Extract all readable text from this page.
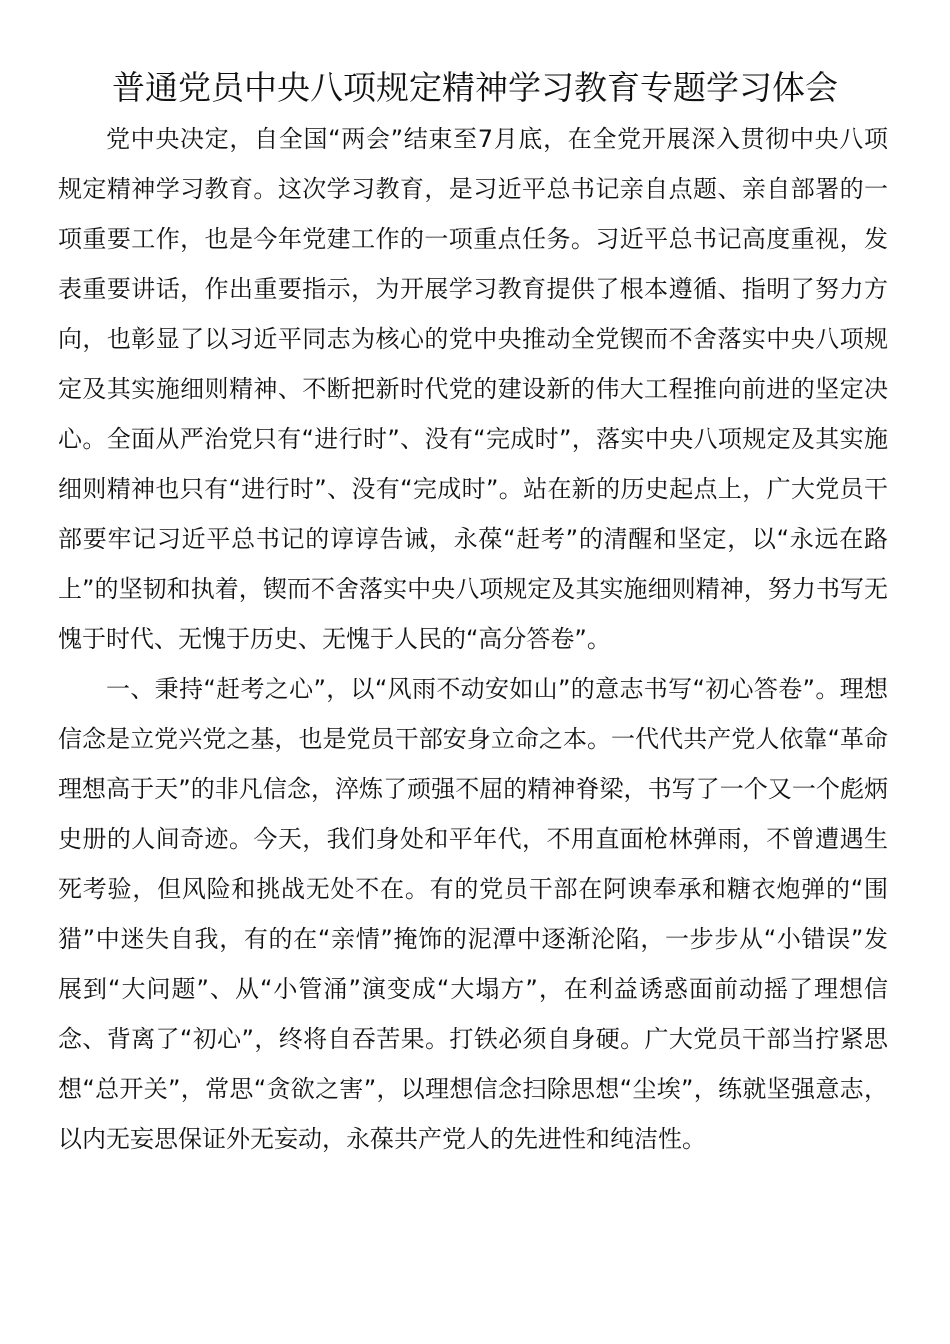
普通党员中央八项规定精神学习教育专题学习体会

党中央决定，自全国“两会”结束至7月底，在全党开展深入贯彻中央八项规定精神学习教育。这次学习教育，是习近平总书记亲自点题、亲自部署的一项重要工作，也是今年党建工作的一项重点任务。习近平总书记高度重视，发表重要讲话，作出重要指示，为开展学习教育提供了根本遵循、指明了努力方向，也彰显了以习近平同志为核心的党中央推动全党锲而不舍落实中央八项规定及其实施细则精神、不断把新时代党的建设新的伟大工程推向前进的坚定决心。全面从严治党只有“进行时”、没有“完成时”，落实中央八项规定及其实施细则精神也只有“进行时”、没有“完成时”。站在新的历史起点上，广大党员干部要牢记习近平总书记的谆谆告诫，永葆“赶考”的清醒和坚定，以“永远在路上”的坚韧和执着，锲而不舍落实中央八项规定及其实施细则精神，努力书写无愧于时代、无愧于历史、无愧于人民的“高分答卷”。

一、秉持“赶考之心”，以“风雨不动安如山”的意志书写“初心答卷”。理想信念是立党兴党之基，也是党员干部安身立命之本。一代代共产党人依靠“革命理想高于天”的非凡信念，淬炼了顽强不屈的精神脊梁，书写了一个又一个彪炳史册的人间奇迹。今天，我们身处和平年代，不用直面枪林弹雨，不曾遭遇生死考验，但风险和挑战无处不在。有的党员干部在阿谀奉承和糖衣炮弹的“围猎”中迷失自我，有的在“亲情”掩饰的泥潭中逐渐沦陷，一步步从“小错误”发展到“大问题”、从“小管涌”演变成“大塌方”，在利益诱惑面前动摇了理想信念、背离了“初心”，终将自吞苦果。打铁必须自身硬。广大党员干部当拧紧思想“总开关”，常思“贪欲之害”，以理想信念扫除思想“尘埃”，练就坚强意志，以内无妄思保证外无妄动，永葆共产党人的先进性和纯洁性。
